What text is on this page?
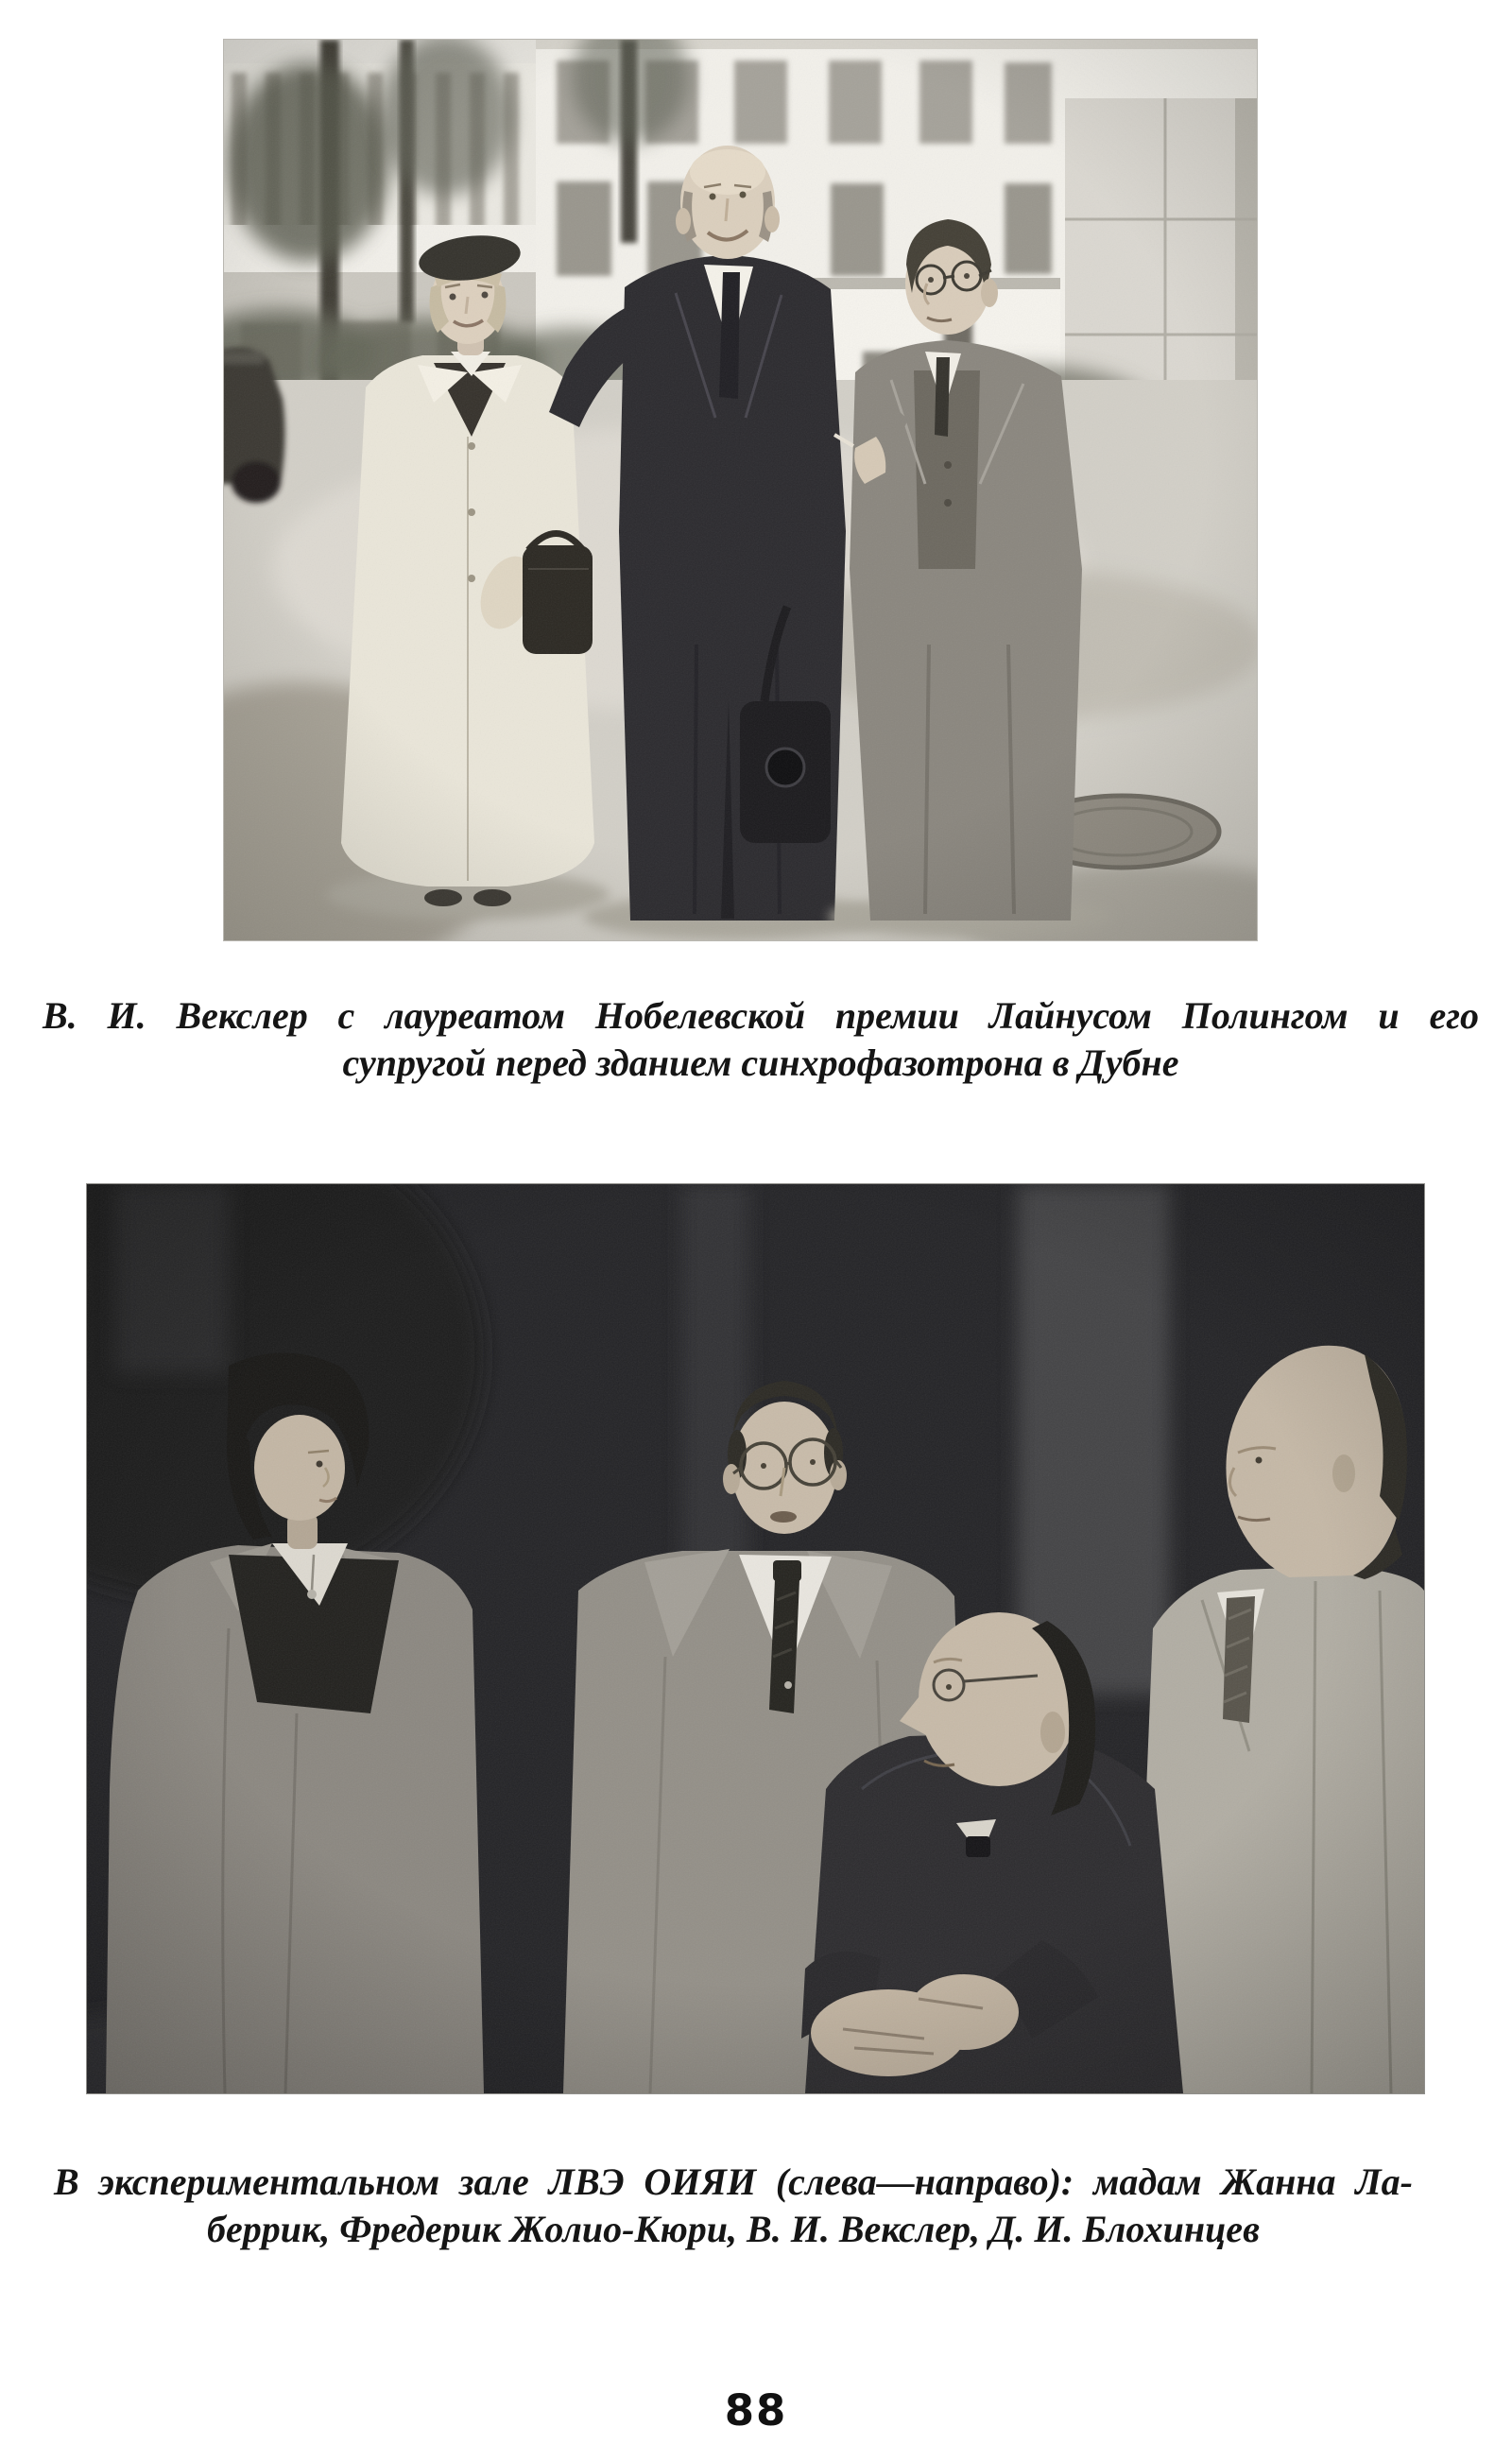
В. И. Векслер с лауреатом Нобелевской премии Лайнусом Полингом и его
супругой перед зданием синхрофазотрона в Дубне
В экспериментальном зале ЛВЭ ОИЯИ (слева—направо): мадам Жанна Ла-
беррик, Фредерик Жолио-Кюри, В. И. Векслер, Д. И. Блохинцев
88
